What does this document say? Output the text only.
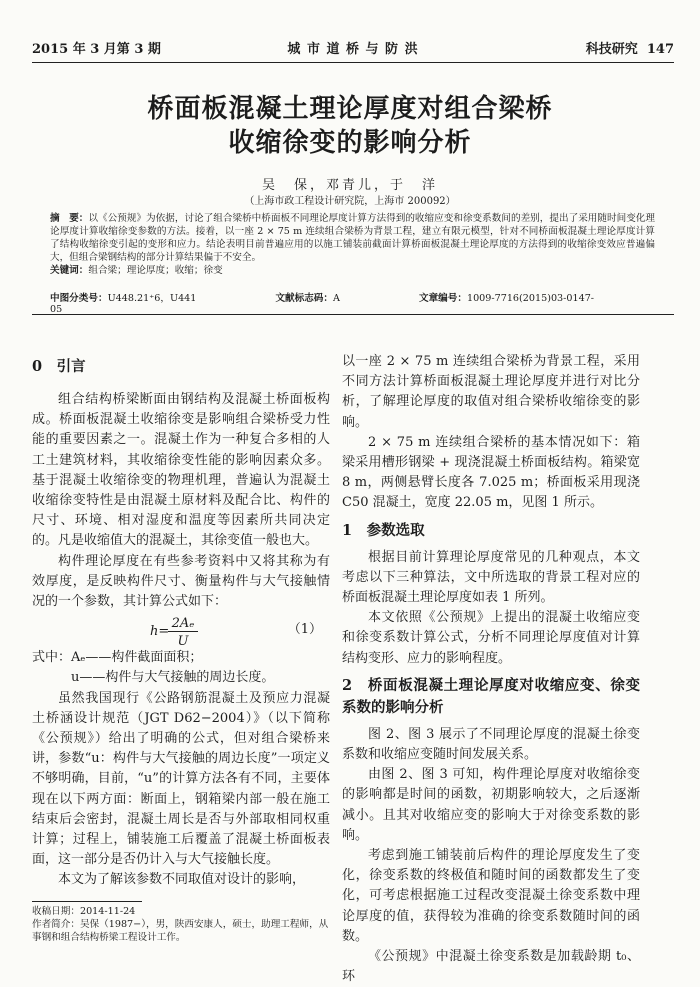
2015 年 3 月第 3 期	城 市 道 桥 与 防 洪	科技研究 147
桥面板混凝土理论厚度对组合梁桥
收缩徐变的影响分析
吴　保，邓青儿，于　洋
（上海市政工程设计研究院，上海市 200092）

摘　要：以《公预规》为依据，讨论了组合梁桥中桥面板不同理论厚度计算方法得到的收缩应变和徐变系数间的差别，提出了采用随时间变化理论厚度计算收缩徐变参数的方法。接着，以一座 2 × 75 m 连续组合梁桥为背景工程，建立有限元模型，针对不同桥面板混凝土理论厚度计算了结构收缩徐变引起的变形和应力。结论表明目前普遍应用的以施工铺装前截面计算桥面板混凝土理论厚度的方法得到的收缩徐变效应普遍偏大，但组合梁钢结构的部分计算结果偏于不安全。

关键词：组合梁；理论厚度；收缩；徐变

中图分类号：U448.21⁺6，U441	文献标志码：A	文章编号：1009-7716(2015)03-0147-05
0　引言

组合结构桥梁断面由钢结构及混凝土桥面板构成。桥面板混凝土收缩徐变是影响组合梁桥受力性能的重要因素之一。混凝土作为一种复合多相的人工土建筑材料，其收缩徐变性能的影响因素众多。基于混凝土收缩徐变的物理机理，普遍认为混凝土收缩徐变特性是由混凝土原材料及配合比、构件的尺寸、环境、相对湿度和温度等因素所共同决定的。凡是收缩值大的混凝土，其徐变值一般也大。

构件理论厚度在有些参考资料中又将其称为有效厚度，是反映构件尺寸、衡量构件与大气接触情况的一个参数，其计算公式如下：

h=
$\frac{\text{2Aₑ}}{U}$	（1）

式中：Aₑ——构件截面面积；

u——构件与大气接触的周边长度。

虽然我国现行《公路钢筋混凝土及预应力混凝土桥涵设计规范（JGT D62−2004）》（以下简称《公预规》）给出了明确的公式，但对组合梁桥来讲，参数“u：构件与大气接触的周边长度”一项定义不够明确，目前，“u”的计算方法各有不同，主要体现在以下两方面：断面上，钢箱梁内部一般在施工结束后会密封，混凝土周长是否与外部取相同权重计算；过程上，铺装施工后覆盖了混凝土桥面板表面，这一部分是否仍计入与大气接触长度。

本文为了解该参数不同取值对设计的影响，

以一座 2 × 75 m 连续组合梁桥为背景工程，采用不同方法计算桥面板混凝土理论厚度并进行对比分析，了解理论厚度的取值对组合梁桥收缩徐变的影响。

2 × 75 m 连续组合梁桥的基本情况如下：箱梁采用槽形钢梁 + 现浇混凝土桥面板结构。箱梁宽 8 m，两侧悬臂长度各 7.025 m；桥面板采用现浇 C50 混凝土，宽度 22.05 m，见图 1 所示。

1　参数选取

根据目前计算理论厚度常见的几种观点，本文考虑以下三种算法，文中所选取的背景工程对应的桥面板混凝土理论厚度如表 1 所列。

本文依照《公预规》上提出的混凝土收缩应变和徐变系数计算公式，分析不同理论厚度值对计算结构变形、应力的影响程度。

2　桥面板混凝土理论厚度对收缩应变、徐变系数的影响分析

图 2、图 3 展示了不同理论厚度的混凝土徐变系数和收缩应变随时间发展关系。

由图 2、图 3 可知，构件理论厚度对收缩徐变的影响都是时间的函数，初期影响较大，之后逐渐减小。且其对收缩应变的影响大于对徐变系数的影响。

考虑到施工铺装前后构件的理论厚度发生了变化，徐变系数的终极值和随时间的函数都发生了变化，可考虑根据施工过程改变混凝土徐变系数中理论厚度的值，获得较为准确的徐变系数随时间的函数。

《公预规》中混凝土徐变系数是加载龄期 t₀、环

收稿日期：2014-11-24

作者简介：吴保（1987−），男，陕西安康人，硕士，助理工程师，从事钢和组合结构桥梁工程设计工作。
